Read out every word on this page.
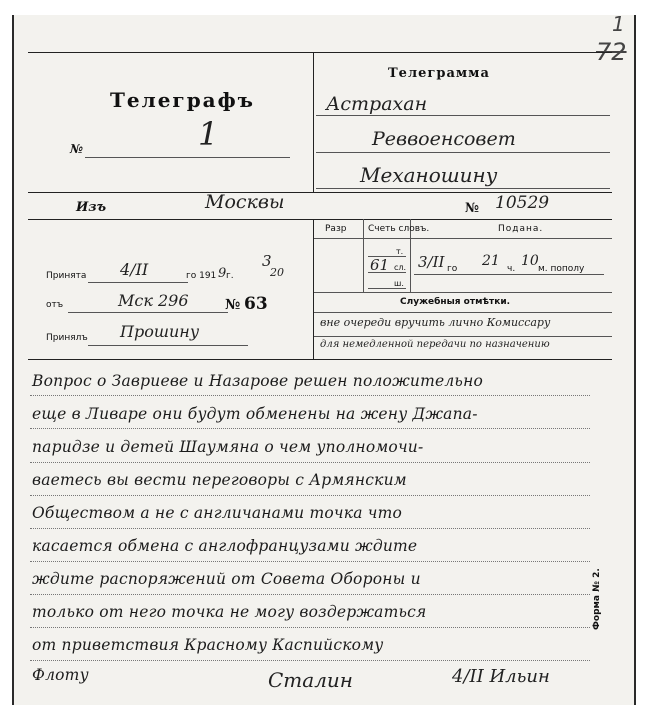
1
72
Телеграфъ
№	1
Телеграмма
Астрахан
Реввоенсовет
Механошину
Изъ	Москвы	№ 10529
Разр Счеть словъ.	Подана.
т.
сл.
ш.
61 3/II го 21 ч. 10 м. пополу
Служебныя отмѣтки.
вне очереди вручить лично Комиссару
для немедленной передачи по назначению
Принята 4/II	го 191 9 г.
3
20
отъ	Мск 296	№ 63
Принялъ Прошину
Вопрос о Завриеве и Назарове решен положительно
еще в Ливаре они будут обменены на жену Джапа-
паридзе и детей Шаумяна о чем уполномочи-
ваетесь вы вести переговоры с Армянским
Обществом а не с англичанами точка что
касается обмена с англофранцузами ждите
ждите распоряжений от Совета Обороны и
только от него точка не могу воздержаться
от приветствия Красному Каспийскому
Флоту	Сталин	4/II Ильин
Форма № 2.
